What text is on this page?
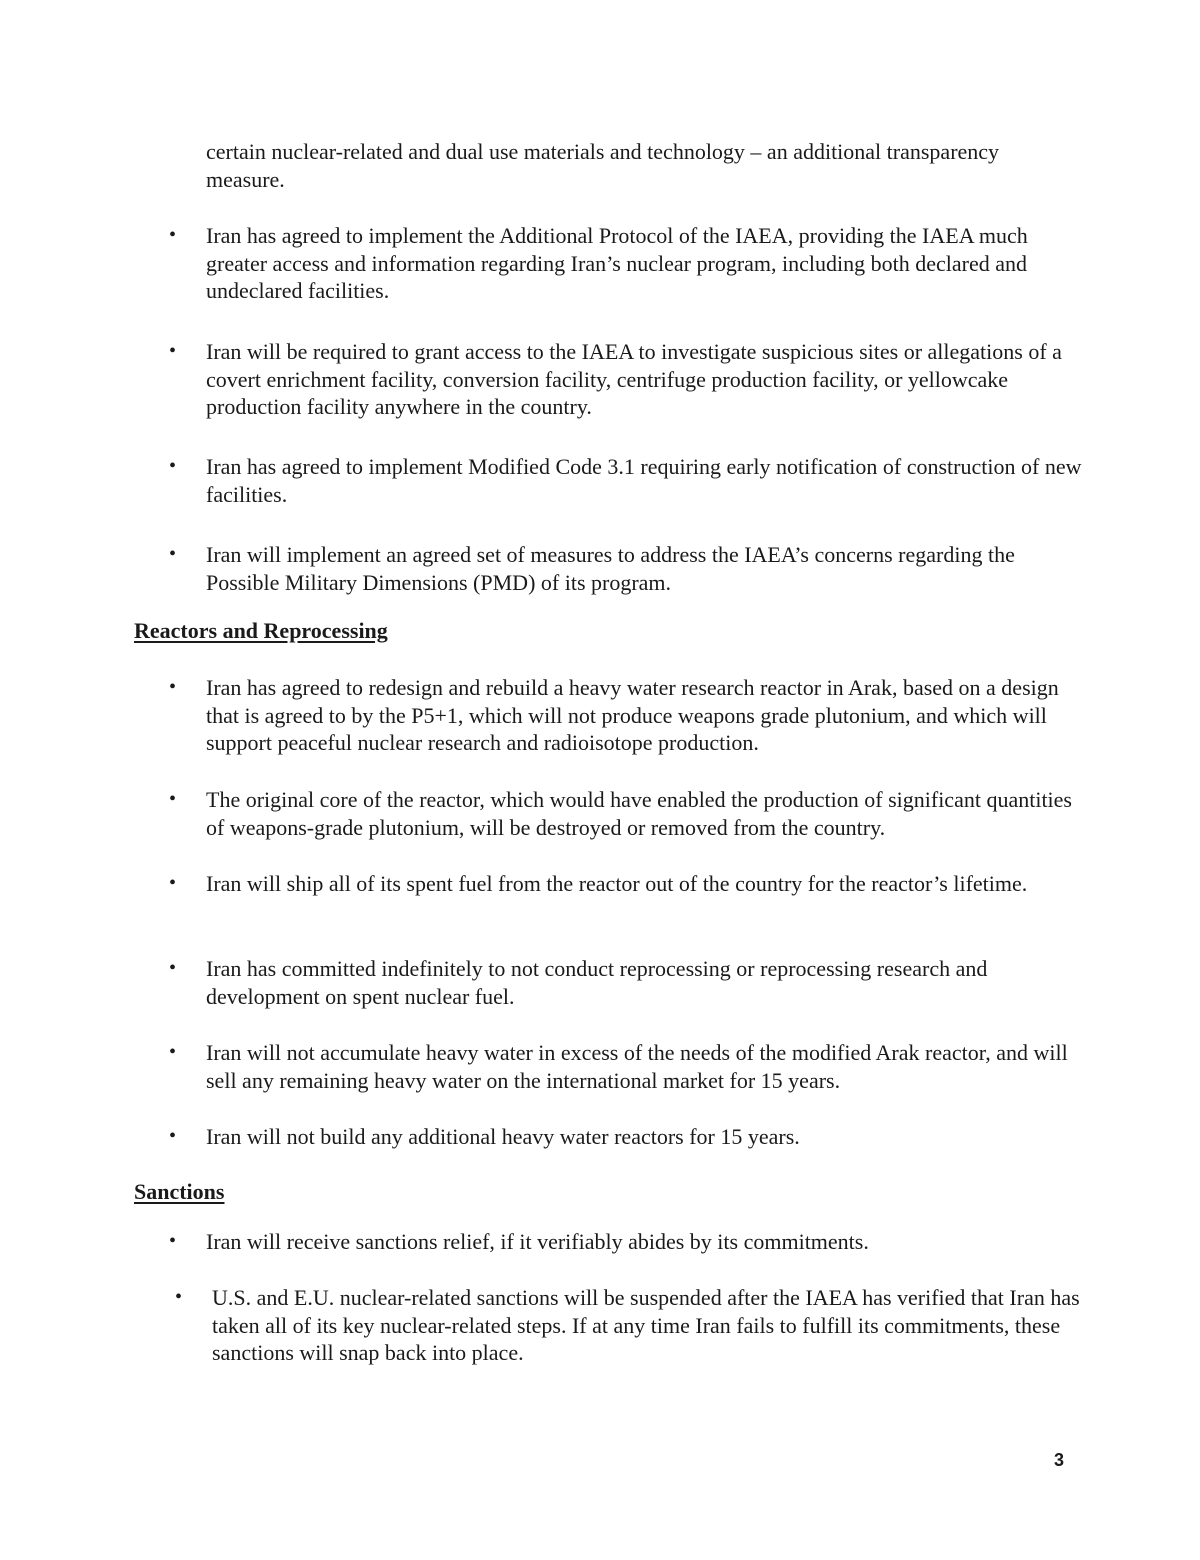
certain nuclear-related and dual use materials and technology – an additional transparency measure.
• Iran has agreed to implement the Additional Protocol of the IAEA, providing the IAEA much greater access and information regarding Iran’s nuclear program, including both declared and undeclared facilities.
• Iran will be required to grant access to the IAEA to investigate suspicious sites or allegations of a covert enrichment facility, conversion facility, centrifuge production facility, or yellowcake production facility anywhere in the country.
• Iran has agreed to implement Modified Code 3.1 requiring early notification of construction of new facilities.
• Iran will implement an agreed set of measures to address the IAEA’s concerns regarding the Possible Military Dimensions (PMD) of its program.
Reactors and Reprocessing
• Iran has agreed to redesign and rebuild a heavy water research reactor in Arak, based on a design that is agreed to by the P5+1, which will not produce weapons grade plutonium, and which will support peaceful nuclear research and radioisotope production.
• The original core of the reactor, which would have enabled the production of significant quantities of weapons-grade plutonium, will be destroyed or removed from the country.
• Iran will ship all of its spent fuel from the reactor out of the country for the reactor’s lifetime.
• Iran has committed indefinitely to not conduct reprocessing or reprocessing research and development on spent nuclear fuel.
• Iran will not accumulate heavy water in excess of the needs of the modified Arak reactor, and will sell any remaining heavy water on the international market for 15 years.
• Iran will not build any additional heavy water reactors for 15 years.
Sanctions
• Iran will receive sanctions relief, if it verifiably abides by its commitments.
• U.S. and E.U. nuclear-related sanctions will be suspended after the IAEA has verified that Iran has taken all of its key nuclear-related steps. If at any time Iran fails to fulfill its commitments, these sanctions will snap back into place.
3
